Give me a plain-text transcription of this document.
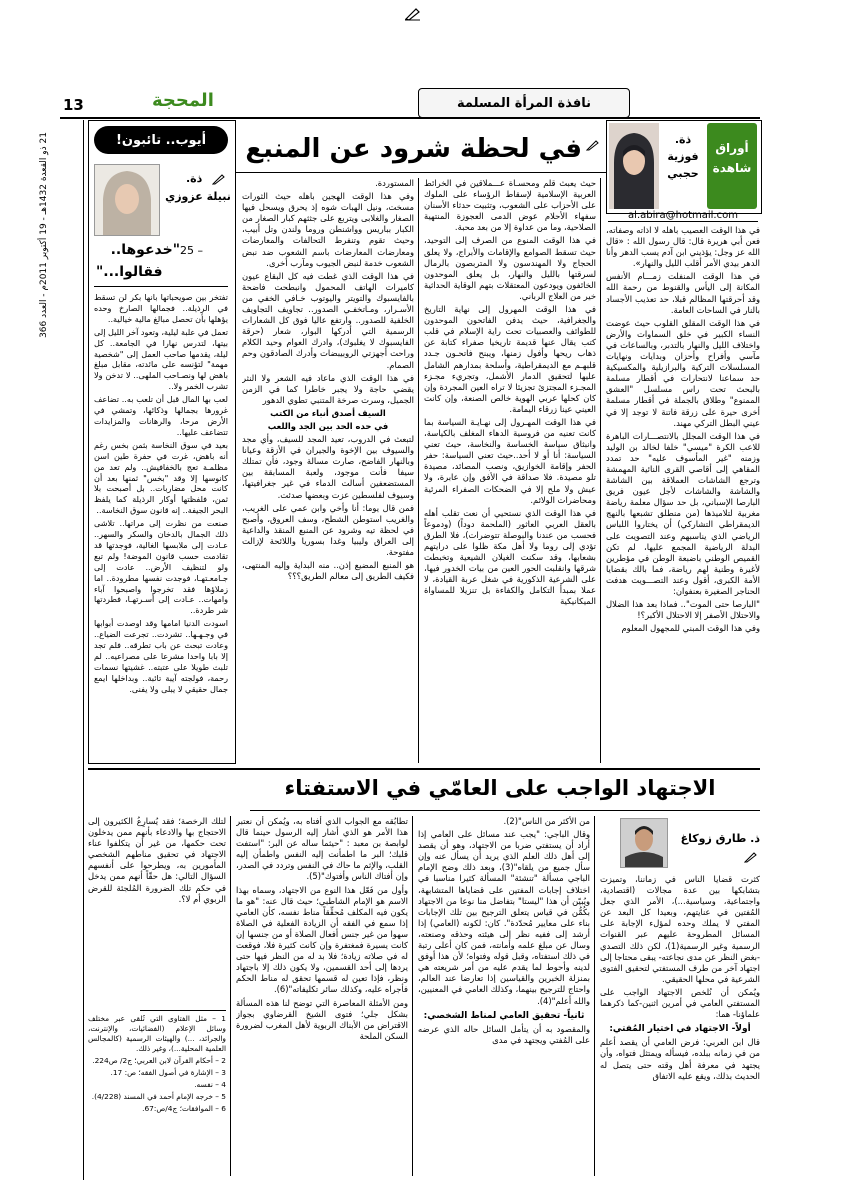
13	المحجة	نافذة المرأة المسلمة
21 ذو القعدة 1432هـ - 19 أكتوبر 2011م - العدد 366
أوراق
شاهدة
ذة.
فوزية
حجبي
al.abira@hotmail.com
في لحظة شرود عن المنبع

في هذا الوقت العصيب باهله لا اذاته وصفاته، فعن أبي هريرة قال: قال رسول الله : «قال الله عز وجل: يؤذيني ابن آدم يسب الدهر وأنا الدهر بيدي الأمر أقلب الليل والنهار».

في هذا الوقت المنفلت زمـــام الأنفس المكانة إلى اليأس والقنوط من رحمة الله وقد أحرقتها المظالم قبلا، حد تعذيب الأجساد بالنار في الساحات العامة.

في هذا الوقت المقلق القلوب حيث عوضت النساء الكبير في خلق السماوات والأرض واختلاف الليل والنهار بالتدبر، وبالساعات في مآسي وأفراح وأحزان وبدايات ونهايات المسلسلات التركية والبرازيلية والمكسيكية حد سماعنا لانتحارات في أقطار مسلمة بالبحث تحت راس مسلسل "العشق الممنوع" وطلاق بالجملة في أقطار مسلمة أخرى حيرة على زرقة فاتنة لا توجد إلا في عيني البطل التركي مهند.

في هذا الوقت المجلل بالانتصـــارات الباهرة للاعب الكرة "ميسي" خلفا لخالد بن الوليد وزمنه "غير المأسوف عليه" حد تمدد المقاهي إلى أقاصي القرى النائية المهمشة وترجع الشاشات العملاقة بين الشاشة والشاشة والشاشات لأجل عيون فريق البارصا الإسباني، بل حد سؤال معلمة رياضة مغربية لتلاميذها (من منطلق تشبعها بالنهج الديمقراطي التشاركي) أن يختاروا اللباس الرياضي الذي يناسبهم وعند التصويت على البدلة الرياضية المجمع عليها، لم تكن القميص الوطني باضبعة الوطن في مؤطرين لأغيرة وطنية لهم رياضة، فما بالك بقضايا الأمة الكبرى، أقول وعند التصـــويت هدفت الحناجر الصغيرة بعنفوان:

"البارصا حتى الموت".. فماذا بعد هذا الضلال والاحتلال الأصفر إلا الاحتلال الأكبر؟!

وفي هذا الوقت المبني للمجهول المعلوم

حيث يعبث قلم ومحسـاة عـــملاقين في الخرائط العربية الإسلامية لإسقاط الرؤساء على الملوك على الأحزاب على الشعوب، وتثبيت حدثاء الأسنان سفهاء الأحلام عوض الدمى العجوزة المنتهية الصلاحية، وما من عداوة إلا من بعد محبة.

في هذا الوقت المنوع من الصرف إلى التوحيد، حيث تسقط الصوامع والإقامات والأبراج، ولا يعلق الحجاج ولا المهندسون ولا المتربصون بالرمال لسرقتها بالليل والنهار، بل يعلق الموحدون الخائفون ويودعون المعتقلات بتهم الوقاية الحداثية خير من العلاج الرباني.

في هذا الوقت المهرول إلى نهاية التاريخ والجغرافية، حيث يدفن الفاتحون الموحدون للطوائف والعصبيات تحت راية الإسلام في قلب كتب يقال عنها قديمة تاريخيا صفراء كتابة عن ذهاب ريحها وأفول زمنها، ويبنح فاتحـون جـدد قلبهـم مع الديمقراطية، وأسلحة بمدارهم الشامل عليها لتحقيق الدمار الأشمل، وتجريء مجـزء المجـزء المجتزئ تجزيئا لا تراه العين المجردة وإن كان كحلها عربي الهوية خالص الصنعة، وإن كانت العيني عينا زرقاء اليمامة.

في هذا الوقت المهـرول إلى نهـايـة السياسة بما كانت تعنيه من فروسية الدهاء المغلف بالكياسة، وانبثاق سياسة الخساسة والنخاسة، حيث تعني السياسة: أنا أو لا أحد..حيث تعني السياسة: حفر الحفر وإقامة الخوازيق، ونصب المصائد، مصيدة تلو مصيدة. فلا صداقة في الأفق وإن عابرة، ولا عيش ولا ملح إلا في الضحكات الصفراء المرئية ومحاضرات الولائم.

في هذا الوقت الذي نستحيي أن نعت تقلب أهله بالعقل العربي العاثور (الملحمة دوداً) (ودموعاً فحسب من عندنا والبوصلة تتوضرات)، فلا الطرق تؤدي إلى روما ولا أهل مكة ظلوا على درايتهم بشعابها، وقد سكنت الغيلان الشيعية وتخبطت شرقها وانقلبت الحور العين من بيات الخدور فيها، على الشرعية الذكورية في شغل عربة القيادة، لا عملا بمبدأ التكامل والكفاءة بل تنزيلا للمساواة الميكانيكية

المستوردة.

وفي هذا الوقت الهجين باهله حيث الثورات مسخت، ونيل الهبات شوه إذ يحرق ويسحل فيها الصغار والغلابى ويتربع على جثثهم كبار الصغار من الكبار بباريس وواشنطن وروما ولندن وتل أبيب، وحيث تقوم وتنفرط التحالفات والمعارضات ومعارضات المعارضات باسم الشعوب ضد نبض الشعوب خدمة لنبض الجيوب ومآرب أخرى.

في هذا الوقت الذي غطت فيه كل البقاع عيون كاميرات الهاتف المحمول وانبطحت فاضحة بالفايسبوك والتويتر واليوتوب خـافي الخفي من الأسـرار، ومـاتخفـي الصدور.. تجاويف التجاويف الخلفية للصدور.. وارتفع عاليا فوق كل الشعارات الرسمية التي أدركها البوار، شعار (حرقة الفايسبوك لا يغلبوك)، وادرك العوام وحيد الكلام وراحت أجهزتي الروبيبضات وأدرك الصادقون وحم الصمام.

في هذا الوقت الذي ماعاد فيه الشعر ولا النثر يقضي حاجة ولا يجبر خاطرا كما في الزمن الجميل، وسرت صرخة المتنبي تطوي الدهور

السيف أصدق أنباء من الكتب

في حده الحد بين الجد واللعب

لتبعث في الدروب، تعيد المجد للسيف، وأي مجد والسيوف بين الإخوة والجيران في الأزقة وعيانا وبالنهار الفاضح، صارت مسالة وجود، فأن تمتلك سيفا فأنت موجود، ولعبة المسابقة بين المستضعفين أسالت الدماء في غير جغرافيتها، وسيوف لفلسطين عزت وبعضها صدئت.

فمن قال يوما: أنا وأخي وابن عمي على الغريب، والغريب استوطن الشطح، وسف العروق، وأصبح في لحظة تيه وشرود عن المنبع المنقذ والداعية إلى العراق وليبيا وغدا بسوريا واللائحة لإزالت مفتوحة.

هو المنبع المضيع إذن.. منه البداية وإليه المنتهى، فكيف الطريق إلى معالم الطريق؟؟؟

أيوب.. تائبون!
ذة.
نبيلة عزوزي
25 –
"خدعوها..
فقالوا..."

تفتخر بين صويحباتها بانها بكر لن تسقط في الرذيلة.. فجمالها الصارخ وحده يؤهلها بأن تحصل مبالغ مالية خيالية..

تعمل في علبة ليلية، وتعود آخر الليل إلى بيتها، لتدرس نهارا في الجامعة.. كل ليلة، يقدمها صاحب العمل إلى "شخصية مهمة" لتؤنسه على مائدته، مقابل مبلغ باهض لها ونصـاحب الملهى.. لا تدخن ولا تشرب الخمر ولا..

لعب بها المال قبل أن تلعب به.. تضاعف غرورها بجمالها وذكائها، وتمشي في الأرض مرحا، والرهانات والمزايدات تتضاعف عليها..

بعيد في سوق النخاسة بثمن بخس رغم أنه باهض، غرت في حفرة طين اسن مظلمـة تعج بالخفافيش.. ولم تعد من كانوسها إلا وقد "بخس" ثمنها بعد أن كانت محل مضاربات.. بل أصبحت بلا ثمن، فلفظتها أوكار الرذيلة كما يلفظ البحر الجيفة.. إنه قانون سوق النخاسة..

صنعت من نظرت إلى مراتها.. تلاشى ذلك الجمال بالدخان والسكر والسهر.. عـادت إلى ملابسها الغالية، فوجدتها قد تقادمت حسب قانون الموضة! ولم تبع ولو لتنظيف الأرض.. عادت إلى جـامعـتهـا، فوجدت نفسها مطرودة.. اما زملاؤها فقد تخرجوا واصبحوا آباء وامهات.. عـادت إلى أسـرتهـا، فطردتها شر طردة..

اسودت الدنيا امامها وقد اوصدت أبوابها في وجـهـها.. تشردت.. تجرعت الضياع.. وعادت تبحث عن باب تطرقه.. فلم تجد إلا بابا واحدا مشرعا على مصراعيه.. لم تلبث طويلا على عتبته.. غشيتها نسمات رحمة، فولجته آيبة تائبة.. وبداخلها ايمع جمال حقيقي لا يبلى ولا يفنى.

الاجتهاد الواجب على العامّي في الاستفتاء
ذ. طارق زوكاغ

كثرت قضايا الناس في زماننا، وتميزت بتشابكها بين عدة مجالات (اقتصادية، واجتماعية، وسياسية...)، الأمر الذي جعل المُفتين في عنايتهم، وبعيدا كل البعد عن المفتي لا يملك وحده لمؤلء الإجابة على المسائل المطروحة عليهم عبر القنوات الرسمية وغير الرسمية(1)، لكن ذلك التصدي -بغض النظر عن مدى نجاعته- يبقى محتاجا إلى اجتهاد آخر من طرف المستفتي لتحقيق الفتوى الشرعية في محلها الحقيقي.

ويُمكن أن نُلخص الاجتهاد الواجب على المستفتي العامي في أمرين اثنين-كما ذكرهما علماؤنا- هما:

أولاً- الاجتهاد في اختيار المُفتي:

قال ابن العربي: فرض العامي أن يقصد أعلم من في زمانه ببلده، فيسأله ويمتثل فتواه، وأن يجتهد في معرفة أهل وقته حتى يتصل له الحديث بذلك، ويقع عليه الاتفاق

من الأكثر من الناس"(2).

وقال الباجي: "يجب عند مسائل على العامي إذا أراد أن يستفتي ضربا من الاجتهاد، وهو أن يقصد إلى أهل ذلك العلم الذي يريد أن يسأل عنه وإن سأل جميع من يلقاه"(3)، وبعد ذلك وضح الإمام الباجي مسألة "تنشئة" المسألة كثيرا مناسبا في اختلاف إجابات المفتين على قضاياها المتشابهة، ويُبيّن أن هذا "ليستا" بتفاضل منا نوعا من الاجتهاد بكُمُّن في قياس يتعلق الترجيح بين تلك الإجابات بناء على معايير مُحدّدة". كان: لكونه (العامي) إذا أرشد إلى ففيه نظر إلى هيئته وحذقه وصنعته، وسال عن مبلغ علمه وأمانته، فمن كان أعلى رتبة في ذلك استفتاه، وقبل قوله وفتواه؛ لأن هذا أوفق لدينه وأحوط لما يقدم عليه من أمر شريعته هي بمنزلة الخبرين والقياسين إذا تعارضا عند العالم، واحتاج للترجيح بينهما، وكذلك العامي في المعنيين، والله أعلم"(4).

ثانياً- تحقيق العامي لمناط الشخصي:

والمقصود به أن يتأمل السائل حاله الذي عرضه على المُفتي ويجتهد في مدى

تطابُقه مع الجواب الذي أفتاه به، ويُمكن أن نعتبر هذا الأمر هو الذي أشار إليه الرسول حينما قال لوابصة بن معبد : "حيثما ساله عن البر: "استفت قلبك؛ البر ما اطمأنت إليه النفس واطمأن إليه القلب، والإثم ما حاك في النفس وتردد في الصدر، وإن أفتاك الناس وأفتوك"(5).

وأول من فَعّل هذا النوع من الاجتهاد، وسماه بهذا الاسم هو الإمام الشاطبي؛ حيث قال عنه: "هو ما يكون فيه المكلف مُحقِّقاً مناط نفسه، كأن العامي إذا سمع في الفقه أن الزيادة الفعلية في الصلاة سهوا من غير جنس أفعال الصلاة أو من جنسها إن كانت يسيرة فمغتفرة وإن كانت كثيرة فلا، فوقعت له في صلاته زيادة؛ فلا بد له من النظر فيها حتى يردها إلى أحد القسمين، ولا يكون ذلك إلا باجتهاد ونظر، فإذا تعين له قسمها تحقق له مناط الحكم فأجراه عليه، وكذلك سائر تكليفاته"(6).

ومن الأمثلة المعاصرة التي توضح لنا هذه المسألة بشكل جلي؛ فتوى الشيخ القرضاوي بجواز الاقتراض من الأبناك الربوية لأهل المغرب لضرورة السكن الملحة

لتلك الرخصة؛ فقد يُسارِعُ الكثيرون إلى الاحتجاج بها والادعاء بأنهم ممن يدخلون تحت حكمها، من غير أن يتكلفوا عناء الاجتهاد في تحقيق مناطهم الشخصي المأمورين به، ويطرحوا على أنفسهم السؤال التالي: هل حقّاً أنهم ممن يدخل في حكم تلك الضرورة المُلجئة للقرض الربوي أم لا؟.

1 – مثل الفتاوى التي تُلقى عبر مختلف وسائل الإعلام (الفضائيات، والإنترنت، والجرائد، ...) والهيئات الرسمية (كالمجالس العلمية المحلية...)، وغير ذلك.

2 – أحكام القرآن لابن العربي؛ ج2/ ص224.

3 – الإشارة في أصول الفقه؛ ص: 17.

4 – نفسه.

5 – خرجه الإمام أحمد في المسند (4/228).

6 – الموافقات؛ ج4/ص:67.
